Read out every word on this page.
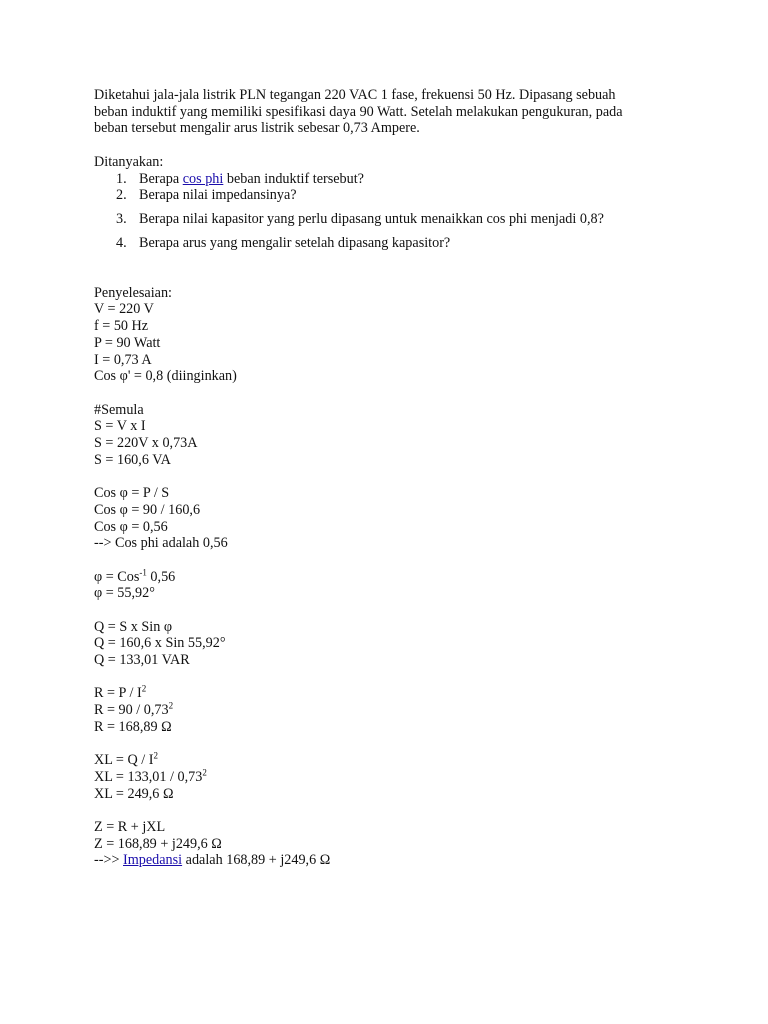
Diketahui jala-jala listrik PLN tegangan 220 VAC 1 fase, frekuensi 50 Hz. Dipasang sebuah

beban induktif yang memiliki spesifikasi daya 90 Watt. Setelah melakukan pengukuran, pada

beban tersebut mengalir arus listrik sebesar 0,73 Ampere.

Ditanyakan:

1. Berapa cos phi beban induktif tersebut?
2. Berapa nilai impedansinya?
3. Berapa nilai kapasitor yang perlu dipasang untuk menaikkan cos phi menjadi 0,8?
4. Berapa arus yang mengalir setelah dipasang kapasitor?

Penyelesaian:

V = 220 V

f = 50 Hz

P = 90 Watt

I = 0,73 A

Cos φ' = 0,8 (diinginkan)

#Semula

S = V x I

S = 220V x 0,73A

S = 160,6 VA

Cos φ = P / S

Cos φ = 90 / 160,6

Cos φ = 0,56

--> Cos phi adalah 0,56

φ = Cos$^{-1}$ 0,56

φ = 55,92°

Q = S x Sin φ

Q = 160,6 x Sin 55,92°

Q = 133,01 VAR

$R = P / I^2$

R = 90 / 0,73$^2$

R = 168,89 Ω

XL = Q / $I^2$

XL = 133,01 / 0,73$^2$

XL = 249,6 Ω

Z = R + jXL

Z = 168,89 + j249,6 Ω

-->> Impedansi adalah 168,89 + j249,6 Ω
